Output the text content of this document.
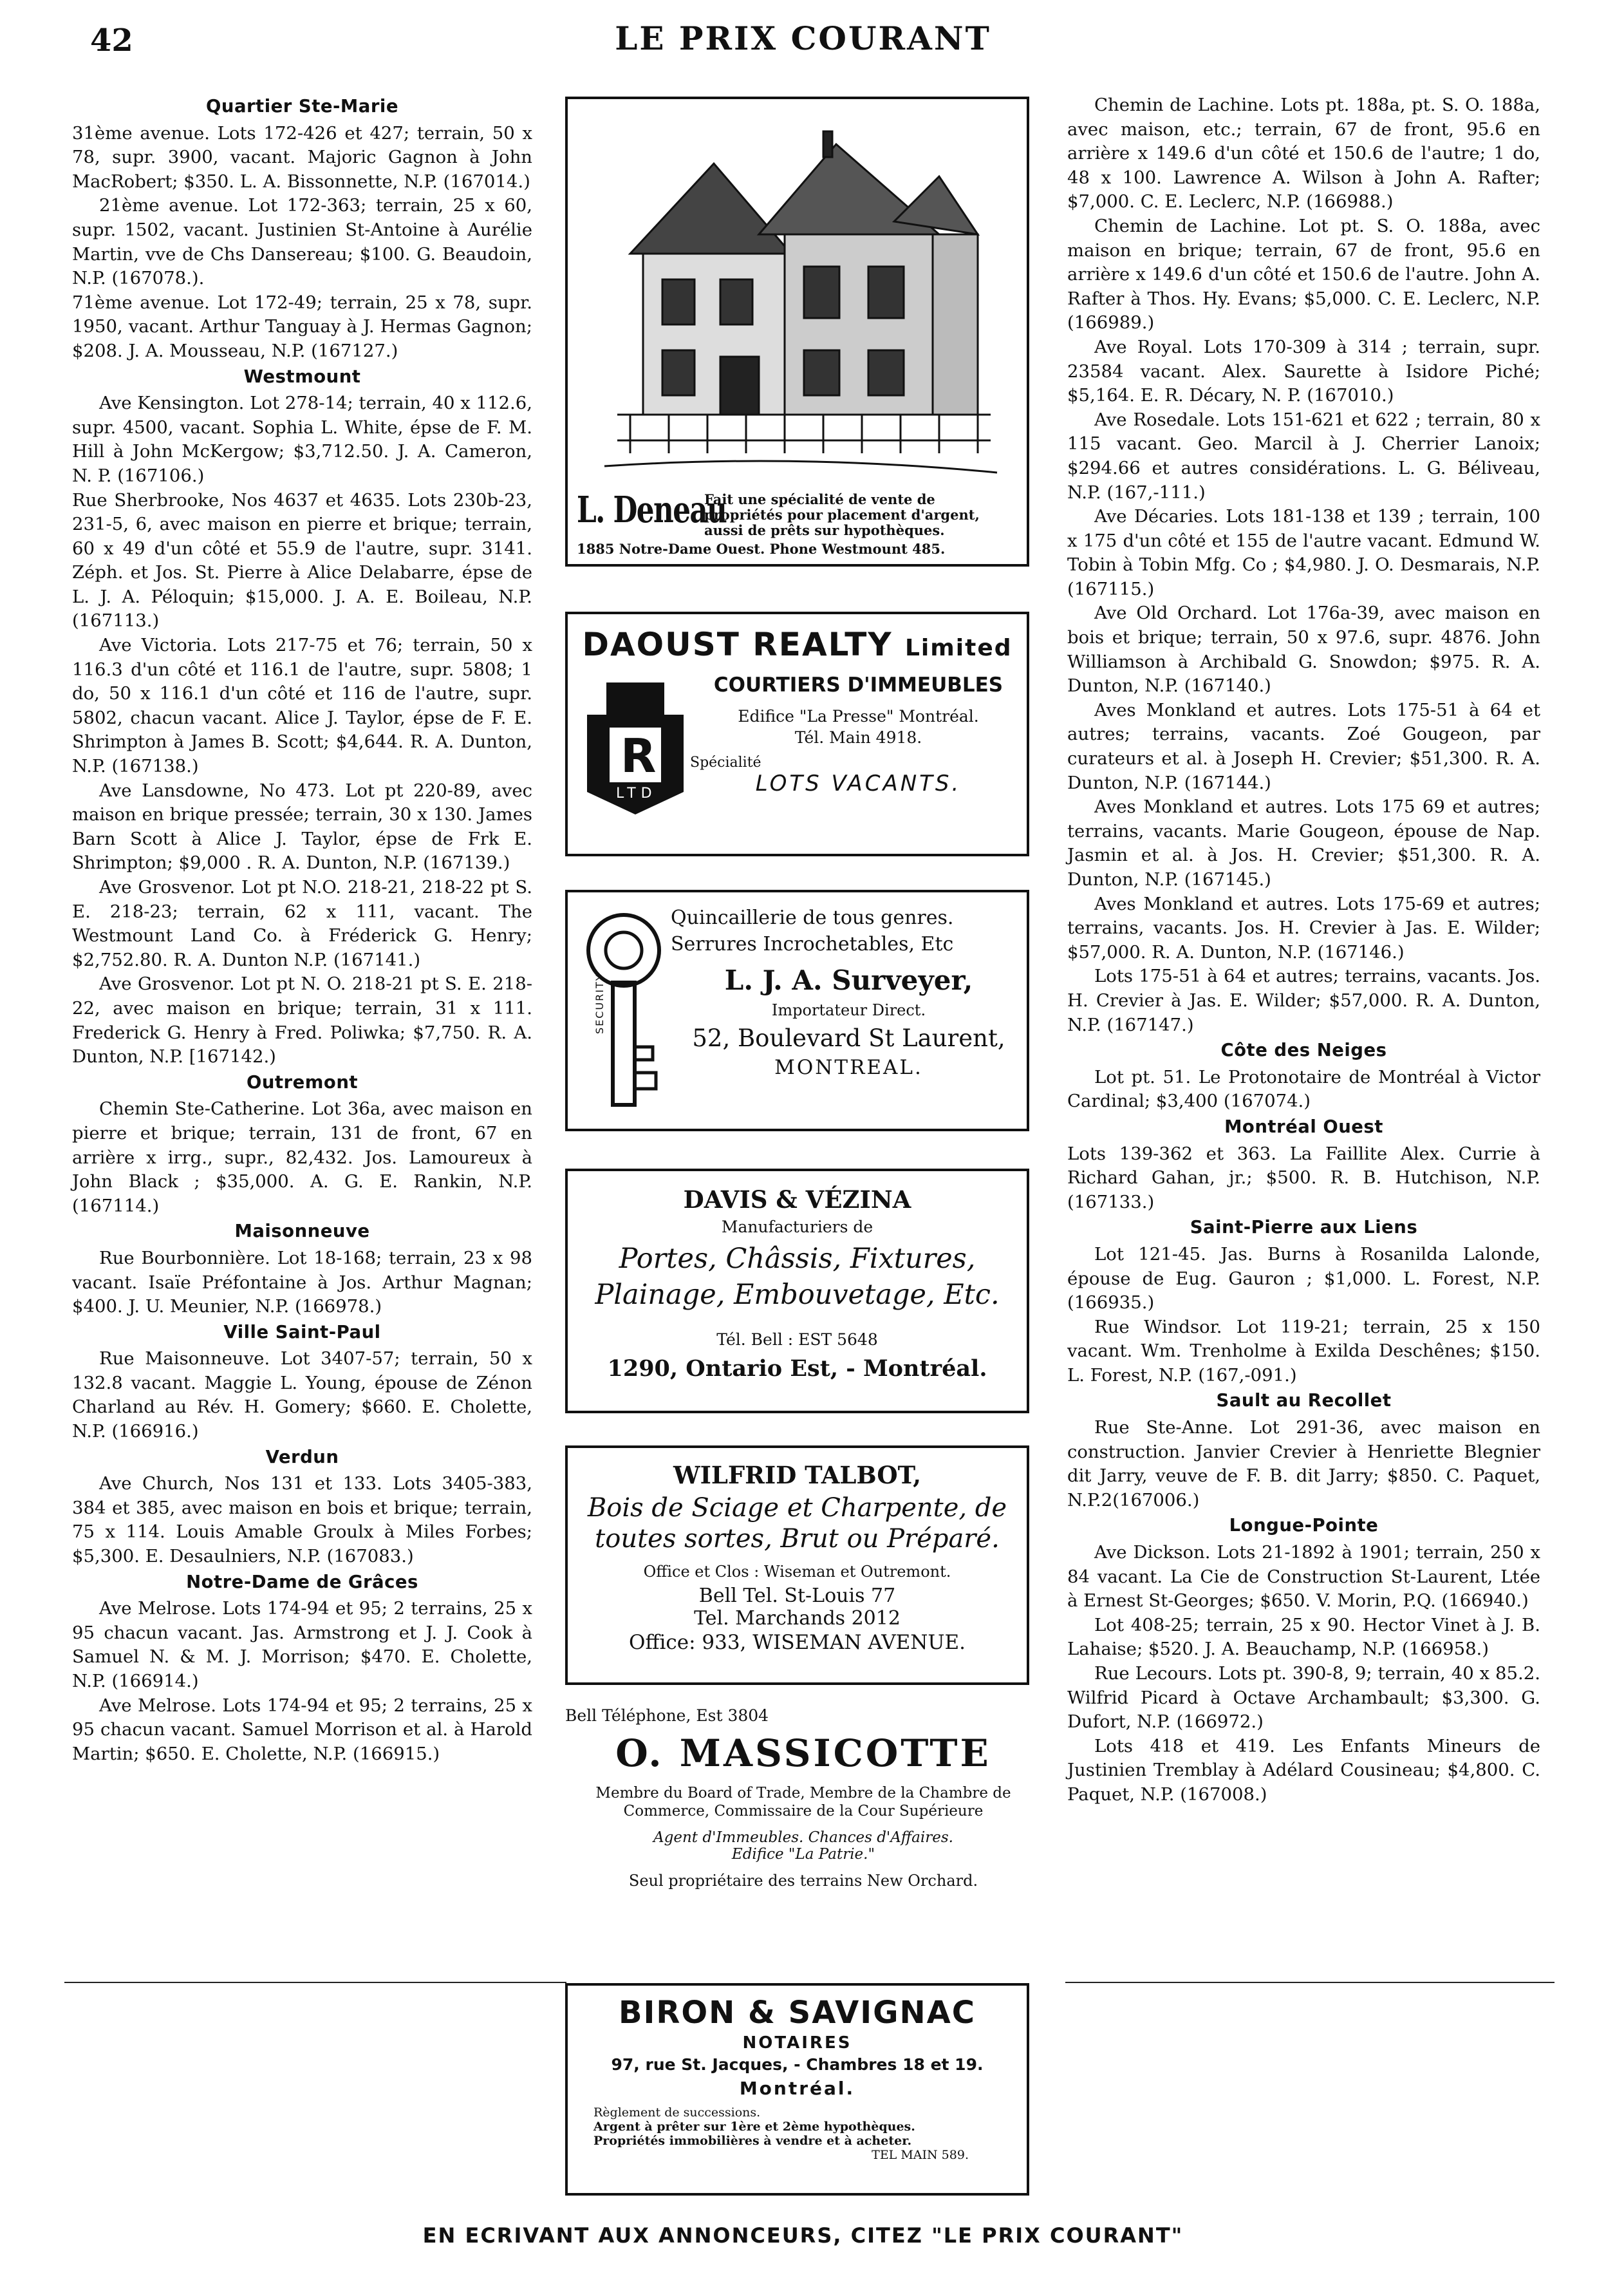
42	LE PRIX COURANT
Quartier Ste-Marie

31ème avenue. Lots 172-426 et 427; terrain, 50 x 78, supr. 3900, vacant. Majoric Gagnon à John MacRobert; $350. L. A. Bissonnette, N.P. (167014.)

21ème avenue. Lot 172-363; terrain, 25 x 60, supr. 1502, vacant. Justinien St-Antoine à Aurélie Martin, vve de Chs Dansereau; $100. G. Beaudoin, N.P. (167078.).

71ème avenue. Lot 172-49; terrain, 25 x 78, supr. 1950, vacant. Arthur Tanguay à J. Hermas Gagnon; $208. J. A. Mousseau, N.P. (167127.)

Westmount

Ave Kensington. Lot 278-14; terrain, 40 x 112.6, supr. 4500, vacant. Sophia L. White, épse de F. M. Hill à John McKergow; $3,712.50. J. A. Cameron, N. P. (167106.)

Rue Sherbrooke, Nos 4637 et 4635. Lots 230b-23, 231-5, 6, avec maison en pierre et brique; terrain, 60 x 49 d'un côté et 55.9 de l'autre, supr. 3141. Zéph. et Jos. St. Pierre à Alice Delabarre, épse de L. J. A. Péloquin; $15,000. J. A. E. Boileau, N.P. (167113.)

Ave Victoria. Lots 217-75 et 76; terrain, 50 x 116.3 d'un côté et 116.1 de l'autre, supr. 5808; 1 do, 50 x 116.1 d'un côté et 116 de l'autre, supr. 5802, chacun vacant. Alice J. Taylor, épse de F. E. Shrimpton à James B. Scott; $4,644. R. A. Dunton, N.P. (167138.)

Ave Lansdowne, No 473. Lot pt 220-89, avec maison en brique pressée; terrain, 30 x 130. James Barn Scott à Alice J. Taylor, épse de Frk E. Shrimpton; $9,000 . R. A. Dunton, N.P. (167139.)

Ave Grosvenor. Lot pt N.O. 218-21, 218-22 pt S. E. 218-23; terrain, 62 x 111, vacant. The Westmount Land Co. à Fréderick G. Henry; $2,752.80. R. A. Dunton N.P. (167141.)

Ave Grosvenor. Lot pt N. O. 218-21 pt S. E. 218-22, avec maison en brique; terrain, 31 x 111. Frederick G. Henry à Fred. Poliwka; $7,750. R. A. Dunton, N.P. [167142.)

Outremont

Chemin Ste-Catherine. Lot 36a, avec maison en pierre et brique; terrain, 131 de front, 67 en arrière x irrg., supr., 82,432. Jos. Lamoureux à John Black ; $35,000. A. G. E. Rankin, N.P. (167114.)

Maisonneuve

Rue Bourbonnière. Lot 18-168; terrain, 23 x 98 vacant. Isaïe Préfontaine à Jos. Arthur Magnan; $400. J. U. Meunier, N.P. (166978.)

Ville Saint-Paul

Rue Maisonneuve. Lot 3407-57; terrain, 50 x 132.8 vacant. Maggie L. Young, épouse de Zénon Charland au Rév. H. Gomery; $660. E. Cholette, N.P. (166916.)

Verdun

Ave Church, Nos 131 et 133. Lots 3405-383, 384 et 385, avec maison en bois et brique; terrain, 75 x 114. Louis Amable Groulx à Miles Forbes; $5,300. E. Desaulniers, N.P. (167083.)

Notre-Dame de Grâces

Ave Melrose. Lots 174-94 et 95; 2 terrains, 25 x 95 chacun vacant. Jas. Armstrong et J. J. Cook à Samuel N. & M. J. Morrison; $470. E. Cholette, N.P. (166914.)

Ave Melrose. Lots 174-94 et 95; 2 terrains, 25 x 95 chacun vacant. Samuel Morrison et al. à Harold Martin; $650. E. Cholette, N.P. (166915.)

Chemin de Lachine. Lots pt. 188a, pt. S. O. 188a, avec maison, etc.; terrain, 67 de front, 95.6 en arrière x 149.6 d'un côté et 150.6 de l'autre; 1 do, 48 x 100. Lawrence A. Wilson à John A. Rafter; $7,000. C. E. Leclerc, N.P. (166988.)

Chemin de Lachine. Lot pt. S. O. 188a, avec maison en brique; terrain, 67 de front, 95.6 en arrière x 149.6 d'un côté et 150.6 de l'autre. John A. Rafter à Thos. Hy. Evans; $5,000. C. E. Leclerc, N.P. (166989.)

Ave Royal. Lots 170-309 à 314 ; terrain, supr. 23584 vacant. Alex. Saurette à Isidore Piché; $5,164. E. R. Décary, N. P. (167010.)

Ave Rosedale. Lots 151-621 et 622 ; terrain, 80 x 115 vacant. Geo. Marcil à J. Cherrier Lanoix; $294.66 et autres considérations. L. G. Béliveau, N.P. (167,-111.)

Ave Décaries. Lots 181-138 et 139 ; terrain, 100 x 175 d'un côté et 155 de l'autre vacant. Edmund W. Tobin à Tobin Mfg. Co ; $4,980. J. O. Desmarais, N.P. (167115.)

Ave Old Orchard. Lot 176a-39, avec maison en bois et brique; terrain, 50 x 97.6, supr. 4876. John Williamson à Archibald G. Snowdon; $975. R. A. Dunton, N.P. (167140.)

Aves Monkland et autres. Lots 175-51 à 64 et autres; terrains, vacants. Zoé Gougeon, par curateurs et al. à Joseph H. Crevier; $51,300. R. A. Dunton, N.P. (167144.)

Aves Monkland et autres. Lots 175 69 et autres; terrains, vacants. Marie Gougeon, épouse de Nap. Jasmin et al. à Jos. H. Crevier; $51,300. R. A. Dunton, N.P. (167145.)

Aves Monkland et autres. Lots 175-69 et autres; terrains, vacants. Jos. H. Crevier à Jas. E. Wilder; $57,000. R. A. Dunton, N.P. (167146.)

Lots 175-51 à 64 et autres; terrains, vacants. Jos. H. Crevier à Jas. E. Wilder; $57,000. R. A. Dunton, N.P. (167147.)

Côte des Neiges

Lot pt. 51. Le Protonotaire de Montréal à Victor Cardinal; $3,400 (167074.)

Montréal Ouest

Lots 139-362 et 363. La Faillite Alex. Currie à Richard Gahan, jr.; $500. R. B. Hutchison, N.P. (167133.)

Saint-Pierre aux Liens

Lot 121-45. Jas. Burns à Rosanilda Lalonde, épouse de Eug. Gauron ; $1,000. L. Forest, N.P. (166935.)

Rue Windsor. Lot 119-21; terrain, 25 x 150 vacant. Wm. Trenholme à Exilda Deschênes; $150. L. Forest, N.P. (167,-091.)

Sault au Recollet

Rue Ste-Anne. Lot 291-36, avec maison en construction. Janvier Crevier à Henriette Blegnier dit Jarry, veuve de F. B. dit Jarry; $850. C. Paquet, N.P.2(167006.)

Longue-Pointe

Ave Dickson. Lots 21-1892 à 1901; terrain, 250 x 84 vacant. La Cie de Construction St-Laurent, Ltée à Ernest St-Georges; $650. V. Morin, P.Q. (166940.)

Lot 408-25; terrain, 25 x 90. Hector Vinet à J. B. Lahaise; $520. J. A. Beauchamp, N.P. (166958.)

Rue Lecours. Lots pt. 390-8, 9; terrain, 40 x 85.2. Wilfrid Picard à Octave Archambault; $3,300. G. Dufort, N.P. (166972.)

Lots 418 et 419. Les Enfants Mineurs de Justinien Tremblay à Adélard Cousineau; $4,800. C. Paquet, N.P. (167008.)

L. Deneau
Fait une spécialité de vente de propriétés pour placement d'argent, aussi de prêts sur hypothèques.
1885 Notre-Dame Ouest. Phone Westmount 485.
DAOUST REALTY Limited
R
LTD
COURTIERS D'IMMEUBLES
Edifice "La Presse" Montréal.
Tél. Main 4918.
Spécialité
LOTS VACANTS.
SECURITY
Quincaillerie de tous genres.
Serrures Incrochetables, Etc
L. J. A. Surveyer,
Importateur Direct.
52, Boulevard St Laurent,
MONTREAL.
DAVIS & VÉZINA
Manufacturiers de
Portes, Châssis, Fixtures,
Plainage, Embouvetage, Etc.
Tél. Bell : EST 5648
1290, Ontario Est, - Montréal.
WILFRID TALBOT,
Bois de Sciage et Charpente, de
toutes sortes, Brut ou Préparé.
Office et Clos : Wiseman et Outremont.
Bell Tel. St-Louis 77
Tel. Marchands 2012
Office: 933, WISEMAN AVENUE.
Bell Téléphone, Est 3804
O. MASSICOTTE
Membre du Board of Trade, Membre de la Chambre de Commerce, Commissaire de la Cour Supérieure
Agent d'Immeubles. Chances d'Affaires.
Edifice "La Patrie."
Seul propriétaire des terrains New Orchard.
BIRON & SAVIGNAC
NOTAIRES
97, rue St. Jacques, - Chambres 18 et 19.
Montréal.
Règlement de successions.
Argent à prêter sur 1ère et 2ème hypothèques.
Propriétés immobilières à vendre et à acheter.
TEL MAIN 589.
EN ECRIVANT AUX ANNONCEURS, CITEZ "LE PRIX COURANT"
